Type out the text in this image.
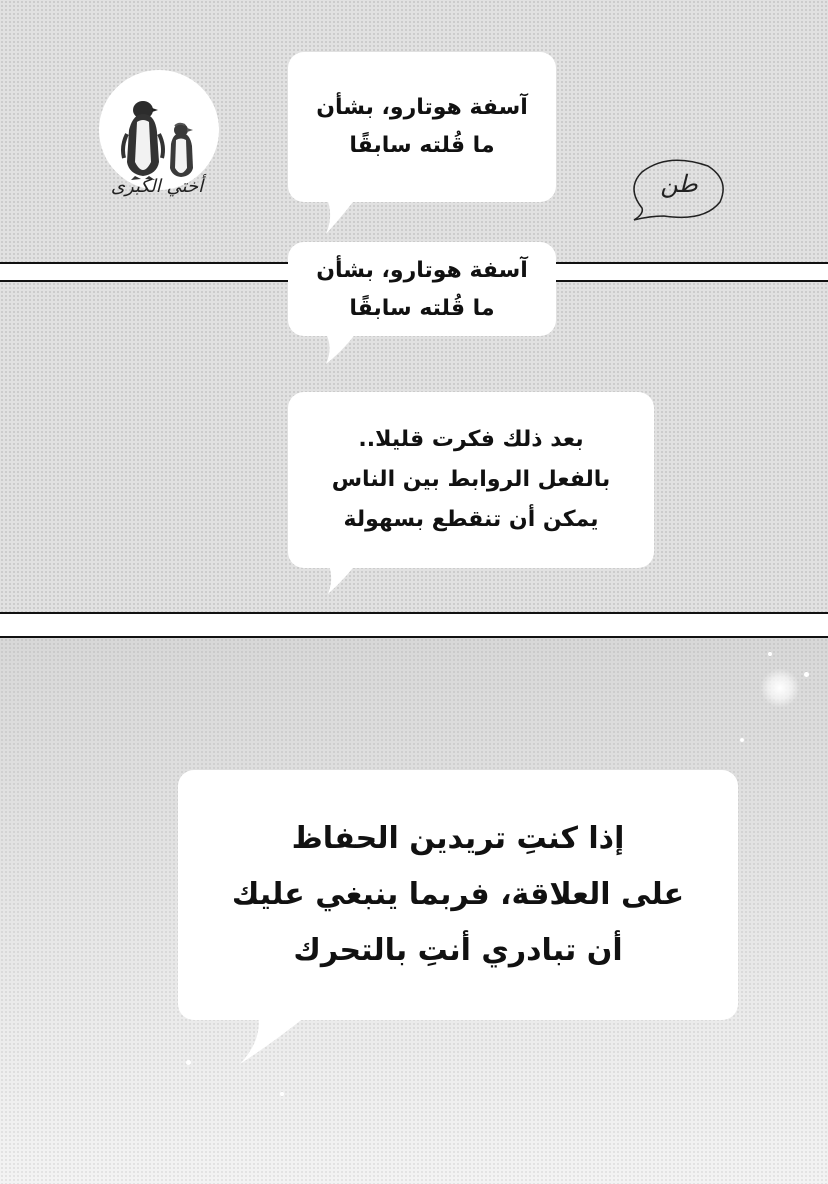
أختي الكبرى
آسفة هوتارو، بشأن
ما قُلته سابقًا
طن
آسفة هوتارو، بشأن
ما قُلته سابقًا
بعد ذلك فكرت قليلا..
بالفعل الروابط بين الناس
يمكن أن تنقطع بسهولة
إذا كنتِ تريدين الحفاظ
على العلاقة، فربما ينبغي عليك
أن تبادري أنتِ بالتحرك
